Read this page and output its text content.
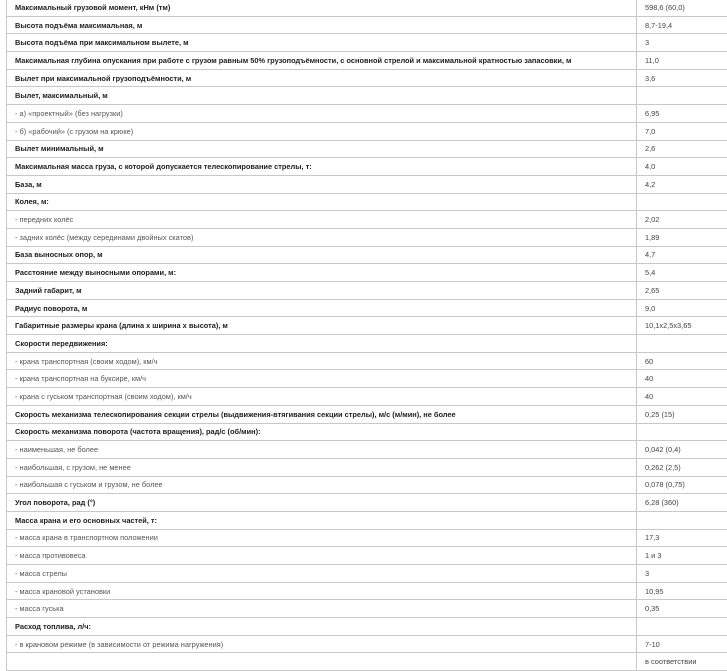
Максимальный грузовой момент, кНм (тм)	598,6 (60,0)
Высота подъёма максимальная, м	8,7-19,4
Высота подъёма при максимальном вылете, м	3
Максимальная глубина опускания при работе с грузом равным 50% грузоподъёмности, с основной стрелой и максимальной кратностью запасовки, м	11,0
Вылет при максимальной грузоподъёмности, м	3,6
Вылет, максимальный, м	
- а) «проектный» (без нагрузки)	6,95
- б) «рабочий» (с грузом на крюке)	7,0
Вылет минимальный, м	2,6
Максимальная масса груза, с которой допускается телескопирование стрелы, т:	4,0
База, м	4,2
Колея, м:	
- передних колёс	2,02
- задних колёс (между серединами двойных скатов)	1,89
База выносных опор, м	4,7
Расстояние между выносными опорами, м:	5,4
Задний габарит, м	2,65
Радиус поворота, м	9,0
Габаритные размеры крана (длина х ширина х высота), м	10,1х2,5х3,65
Скорости передвижения:	
- крана транспортная (своим ходом), км/ч	60
- крана транспортная на буксире, км/ч	40
- крана с гуськом транспортная (своим ходом), км/ч	40
Скорость механизма телескопирования секции стрелы (выдвижения-втягивания секции стрелы), м/с (м/мин), не более	0,25 (15)
Скорость механизма поворота (частота вращения), рад/с (об/мин):	
- наименьшая, не более	0,042 (0,4)
- наибольшая, с грузом, не менее	0,262 (2,5)
- наибольшая с гуськом и грузом, не более	0,078 (0,75)
Угол поворота, рад (°)	6,28 (360)
Масса крана и его основных частей, т:	
- масса крана в транспортном положении	17,3
- масса противовеса	1 и 3
- масса стрелы	3
- масса крановой установки	10,95
- масса гуська	0,35
Расход топлива, л/ч:	
- в крановом режиме (в зависимости от режима нагружения)	7-10
	в соответствии
